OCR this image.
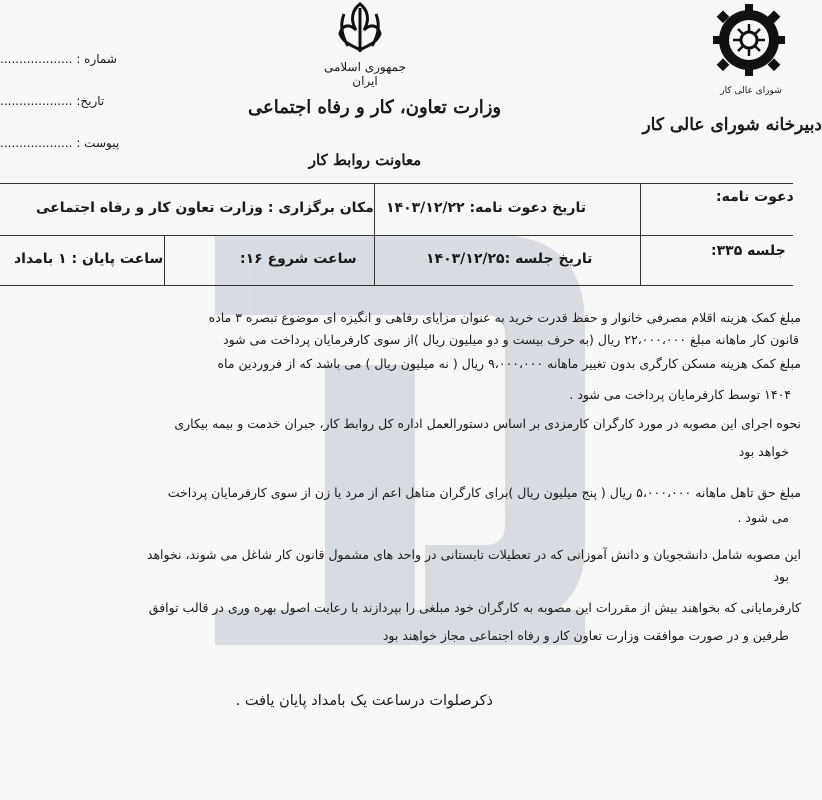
جمهوری اسلامی ایران
وزارت تعاون، کار و رفاه اجتماعی
معاونت روابط کار
شورای عالی کار
دبیرخانه شورای عالی کار
شماره : ...................
تاریخ: ...................
پیوست : ...................
دعوت نامه:
تاریخ دعوت نامه: ۱۴۰۳/۱۲/۲۲
مکان برگزاری : وزارت تعاون کار و رفاه اجتماعی
جلسه ۳۳۵:
تاریخ جلسه :۱۴۰۳/۱۲/۲۵
ساعت شروع ۱۶:
ساعت پایان : ۱ بامداد
مبلغ کمک هزینه اقلام مصرفی خانوار و حفظ قدرت خرید به عنوان مزایای رفاهی و انگیزه ای موضوع تبصره ۳ ماده
قانون کار ماهانه مبلغ ۲۲،۰۰۰،۰۰۰ ریال (به حرف بیست و دو میلیون ریال )از سوی کارفرمایان پرداخت می شود
مبلغ کمک هزینه مسکن کارگری بدون تغییر ماهانه ۹،۰۰۰،۰۰۰ ریال ( نه میلیون ریال ) می باشد که از فروردین ماه
۱۴۰۴ توسط کارفرمایان پرداخت می شود .
نحوه اجرای این مصوبه در مورد کارگران کارمزدی بر اساس دستورالعمل اداره کل روابط کار، جبران خدمت و بیمه بیکاری
خواهد بود
مبلغ حق تاهل ماهانه ۵،۰۰۰،۰۰۰ ریال ( پنج میلیون ریال )برای کارگران متاهل اعم از مرد یا زن از سوی کارفرمایان پرداخت
می شود .
این مصوبه شامل دانشجویان و دانش آموزانی که در تعطیلات تابستانی در واحد های مشمول قانون کار شاغل می شوند، نخواهد
بود
کارفرمایانی که بخواهند بیش از مقررات این مصوبه به کارگران خود مبلغی را بپردازند با رعایت اصول بهره وری در قالب توافق
طرفین و در صورت موافقت وزارت تعاون کار و رفاه اجتماعی مجاز خواهند بود
ذکرصلوات درساعت یک بامداد پایان یافت .
